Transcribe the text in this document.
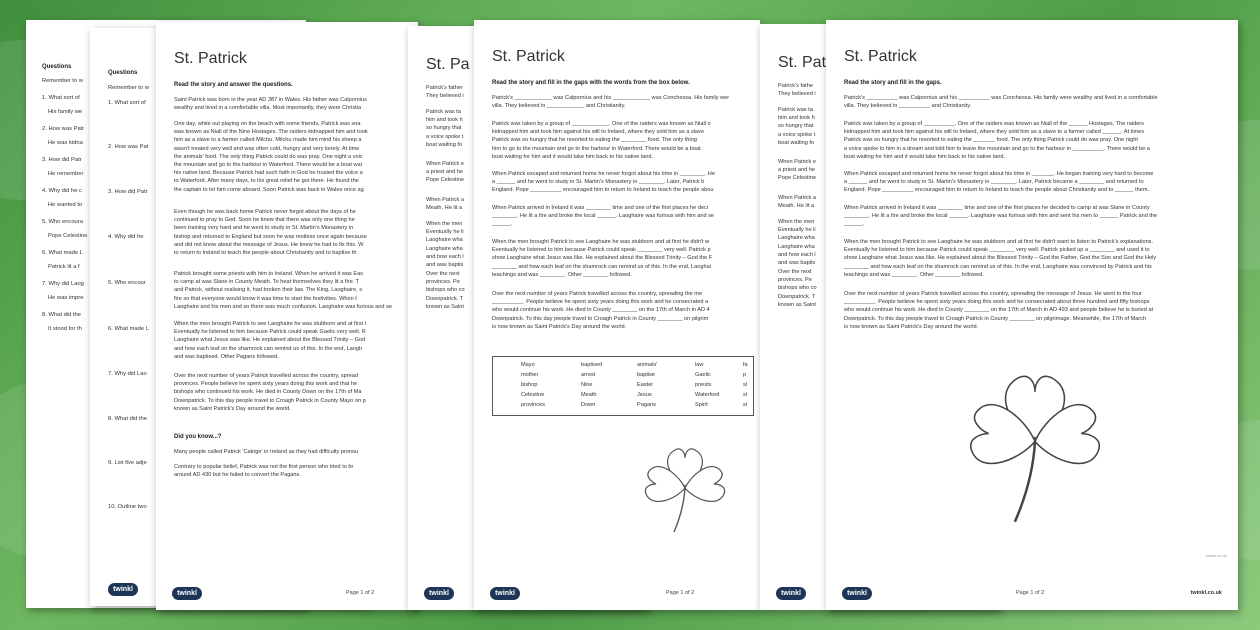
Questions
Remember to w
1. What sort of
His family we
2. How was Patr
He was kidna
3. How did Patr
He remember
4. Why did he c
He wanted to
5. Who encoura
Pope Celestine
6. What made L
Patrick lit a f
7. Why did Laog
He was impre
8. What did the
It stood for th
Questions
Remember to w
1. What sort of
2. How was Pat
3. How did Patr
4. Why did he
5. Who encour
6. What made L
7. Why did Lao
8. What did the
9. List five adje
10. Outline two
twinkl
St. Patrick
Read the story and answer the questions.
Saint Patrick was born in the year AD 387 in Wales. His father was Calpornius
wealthy and lived in a comfortable villa. Most importantly, they were Christia
One day, while out playing on the beach with some friends, Patrick was sna
was known as Niall of the Nine Hostages. The raiders kidnapped him and took
him as a slave to a farmer called Milchu. Milchu made him mind his sheep a
wasn't treated very well and was often cold, hungry and very lonely. At time
the animals' food. The only thing Patrick could do was pray. One night a voic
the mountain and go to the harbour in Waterford. There would be a boat wai
his native land. Because Patrick had such faith in God he trusted the voice a
to Waterford. After many days, to his great relief he got there. He found the
the captain to let him come aboard. Soon Patrick was back in Wales once ag
Even though he was back home Patrick never forgot about the days of he
continued to pray to God. Soon he knew that there was only one thing he
been training very hard and he went to study in St. Martin's Monastery in
bishop and returned to England but soon he was restless once again because
and did not know about the message of Jesus. He knew he had to fix this. W
to return to Ireland to teach the people about Christianity and to baptise th
Patrick brought some priests with him to Ireland. When he arrived it was Eas
to camp at was Slane in County Meath. To heat themselves they lit a fire. T
and Patrick, without realising it, had broken their law. The King, Laoghaire, s
fire so that everyone would know it was time to start the festivities. When t
Laoghaire and his men and so there was much confusion. Laoghaire was furious and se
When the men brought Patrick to see Laoghaire he was stubborn and at first l
Eventually he listened to him because Patrick could speak Gaelic very well. R
Laoghaire what Jesus was like. He explained about the Blessed Trinity – God
and how each leaf on the shamrock can remind us of this. In the end, Laogh
and was baptised. Other Pagans followed.
Over the next number of years Patrick travelled across the country, spread
provinces. People believe he spent sixty years doing this work and that he
bishops who continued his work. He died in County Down on the 17th of Ma
Downpatrick. To this day people travel to Croagh Patrick in County Mayo on p
known as Saint Patrick's Day around the world.
Did you know...?
Many people called Patrick 'Catrige' in Ireland as they had difficulty pronou
Contrary to popular belief, Patrick was not the first person who tried to br
around AD 430 but he failed to convert the Pagans.
twinkl	Page 1 of 2
St. Pa
Patrick's father
They believed i
Patrick was ta
him and took h
so hungry that
a voice spoke t
boat waiting fo
When Patrick e
a priest and he
Pope Celestine
When Patrick a
Meath. He lit a
When the men
Eventually he li
Laoghaire wha
Laoghaire wha
and how each l
and was baptis
Over the next
provinces. Pe
bishops who co
Downpatrick. T
known as Saint
twinkl
St. Patrick
Read the story and fill in the gaps with the words from the box below.
Patrick's ____________ was Calpornius and his ____________ was Conchessa. His family wer
villa. They believed in ____________ and Christianity.
Patrick was taken by a group of ____________. One of the raiders was known as Niall o
kidnapped him and took him against his will to Ireland, where they sold him as a slave
Patrick was so hungry that he resorted to eating the ________ food. The only thing
him to go to the mountain and go to the harbour in Waterford. There would be a boat
boat waiting for him and it would take him back to his native land.
When Patrick escaped and returned home he never forgot about his time in ________. He
a ______ and he went to study in St. Martin's Monastery in ________. Later, Patrick b
England. Pope __________ encouraged him to return to Ireland to teach the people abou
When Patrick arrived in Ireland it was ________ time and one of the first places he deci
________. He lit a fire and broke the local ______. Laoghaire was furious with him and se
______.
When the men brought Patrick to see Laoghaire he was stubborn and at first he didn't w
Eventually he listened to him because Patrick could speak ________ very well. Patrick p
show Laoghaire what Jesus was like. He explained about the Blessed Trinity – God the F
________ and how each leaf on the shamrock can remind us of this. In the end, Laoghai
teachings and was ________. Other ________ followed.
Over the next number of years Patrick travelled across the country, spreading the me
__________. People believe he spent sixty years doing this work and he consecrated a
who would continue his work. He died in County ________ on the 17th of March in AD 4
Downpatrick. To this day people travel to Croagh Patrick in County ________ on pilgrim
is now known as Saint Patrick's Day around the world.
Mayo	baptised	animals'	law	fa
mother	arrest	baptise	Gaelic	p
bishop	Nine	Easter	priests	sl
Celestine	Meath	Jesus	Waterford	sl
provinces	Down	Pagans	Spirit	sl
twinkl	Page 1 of 2
St. Pat
Patrick's fathe
They believed i
Patrick was ta
him and took h
so hungry that
a voice spoke t
boat waiting fo
When Patrick e
a priest and he
Pope Celestine
When Patrick a
Meath. He lit a
When the men
Eventually he li
Laoghaire wha
Laoghaire wha
and how each l
and was baptis
Over the next
provinces. Pe
bishops who co
Downpatrick. T
known as Saint
twinkl
St. Patrick
Read the story and fill in the gaps.
Patrick's __________ was Calpornius and his __________ was Conchessa. His family were wealthy and lived in a comfortable
villa. They believed in __________ and Christianity.
Patrick was taken by a group of __________. One of the raiders was known as Niall of the ______ Hostages. The raiders
kidnapped him and took him against his will to Ireland, where they sold him as a slave to a farmer called ______. At times
Patrick was so hungry that he resorted to eating the _______ food. The only thing Patrick could do was pray. One night
a voice spoke to him in a dream and told him to leave the mountain and go to the harbour in __________. There would be a
boat waiting for him and it would take him back to his native land.
When Patrick escaped and returned home he never forgot about his time in _______. He began training very hard to become
a ______ and he went to study in St. Martin's Monastery in ________. Later, Patrick became a ________ and returned to
England. Pope __________ encouraged him to return to Ireland to teach the people about Christianity and to ______ them.
When Patrick arrived in Ireland it was ________ time and one of the first places he decided to camp at was Slane in County
________. He lit a fire and broke the local ______. Laoghaire was furious with him and sent his men to ______ Patrick and the
______.
When the men brought Patrick to see Laoghaire he was stubborn and at first he didn't want to listen to Patrick's explanations.
Eventually he listened to him because Patrick could speak ________ very well. Patrick picked up a ________ and used it to
show Laoghaire what Jesus was like. He explained about the Blessed Trinity – God the Father, God the Son and God the Holy
________ and how each leaf on the shamrock can remind us of this. In the end, Laoghaire was convinced by Patrick and his
teachings and was ________. Other ________ followed.
Over the next number of years Patrick travelled across the country, spreading the message of Jesus. He went to the four
__________. People believe he spent sixty years doing this work and he consecrated about three hundred and fifty bishops
who would continue his work. He died in County ________ on the 17th of March in AD 493 and people believe he is buried at
Downpatrick. To this day people travel to Croagh Patrick in County ________ on pilgrimage. Meanwhile, the 17th of March
is now known as Saint Patrick's Day around the world.
twinkl.co.uk
twinkl	Page 1 of 2	twinkl.co.uk
